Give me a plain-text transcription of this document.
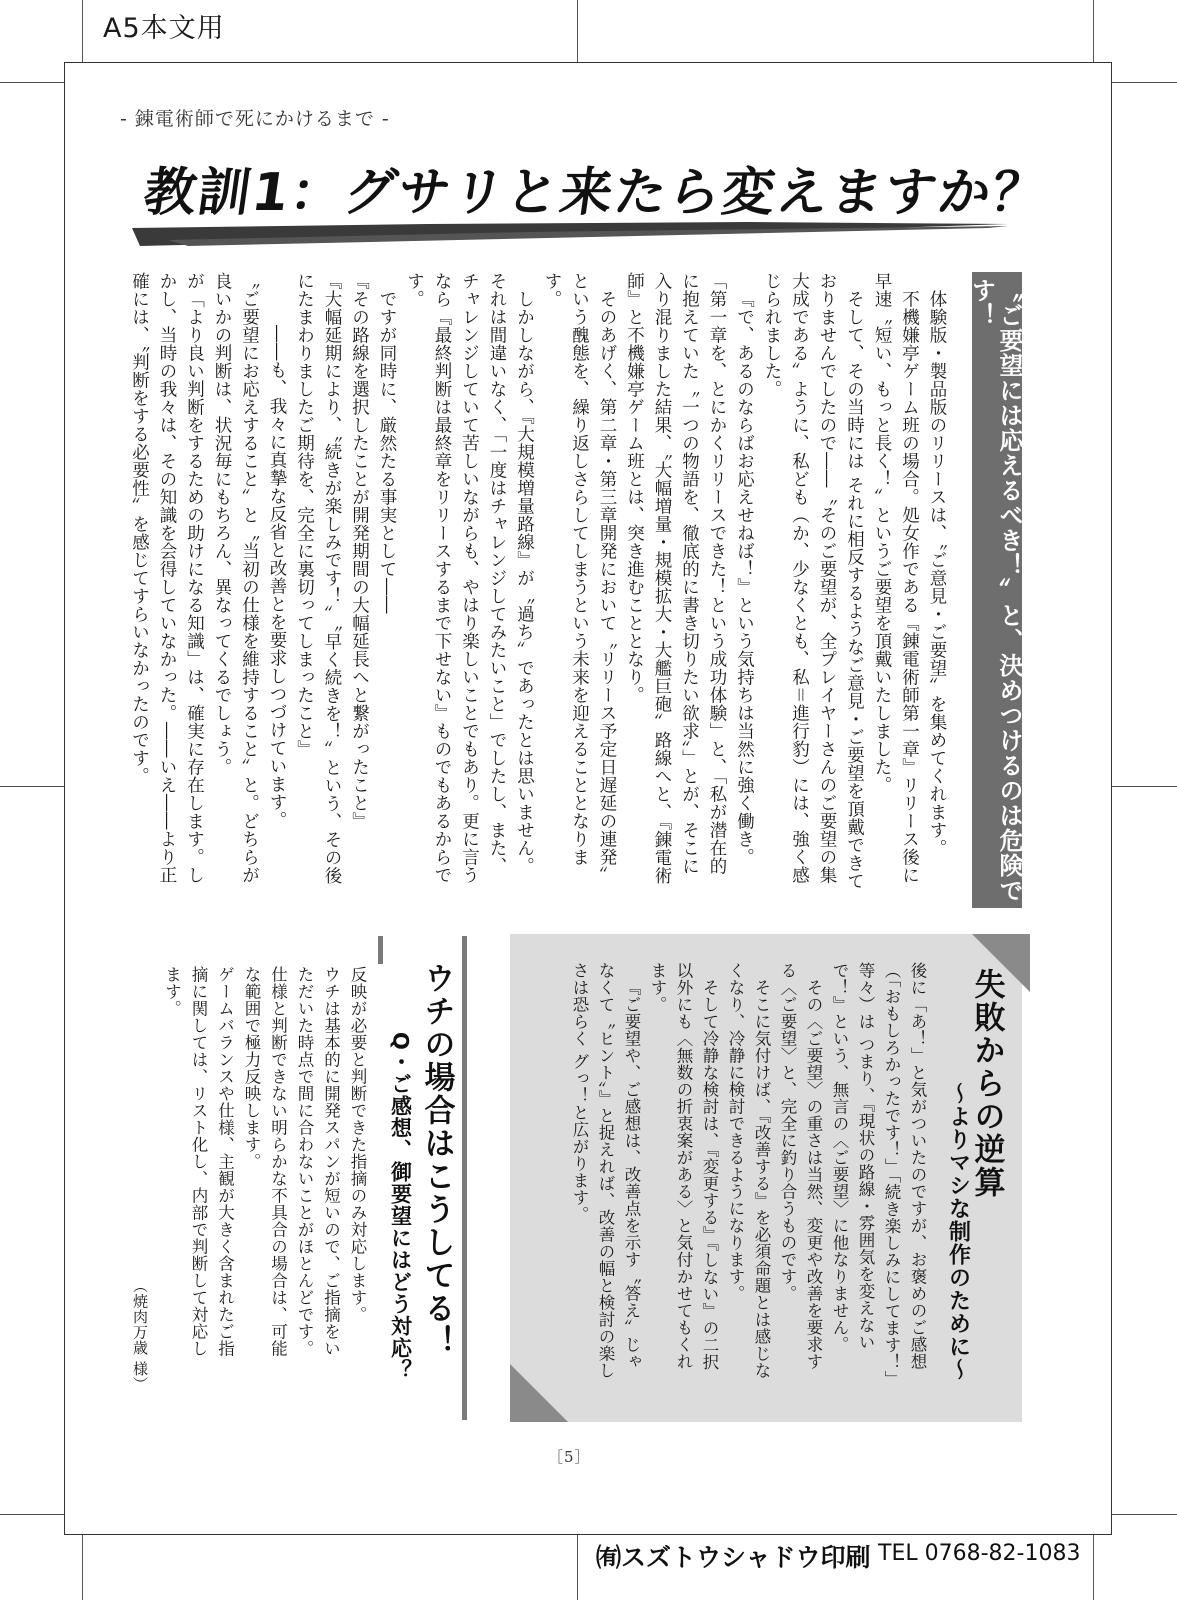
A5本文用
- 錬電術師で死にかけるまで -
教訓1：グサリと来たら変えますか？
〝ご要望には応えるべき！〟と、決めつけるのは危険です！

体験版・製品版のリリースは、〝ご意見・ご要望〟を集めてくれます。

不機嫌亭ゲーム班の場合。処女作である『錬電術師第一章』リリース後に早速〝短い、もっと長く！〟というご要望を頂戴いたしました。

そして、その当時には それに相反するようなご意見・ご要望を頂戴できておりませんでしたので――〝そのご要望が、全プレイヤーさんのご要望の集大成である〟ように、私ども（か、少なくとも、私＝進行豹）には、強く感じられました。

『で、あるのならばお応えせねば！』という気持ちは当然に強く働き。

「第一章を、とにかくリリースできた！という成功体験」と、「私が潜在的に抱えていた〝一つの物語を、徹底的に書き切りたい欲求〟」とが、そこに入り混りました結果、〝大幅増量・規模拡大・大艦巨砲〟路線へと、『錬電術師』と不機嫌亭ゲーム班とは、突き進むこととなり。

そのあげく、第二章・第三章開発において〝リリース予定日遅延の連発〟という醜態を、繰り返しさらしてしまうという未来を迎えることとなります。

しかしながら、『大規模増量路線』が〝過ち〟であったとは思いません。それは間違いなく、「一度はチャレンジしてみたいこと」でしたし、また、チャレンジしていて苦しいながらも、やはり楽しいことでもあり。更に言うなら『最終判断は最終章をリリースするまで下せない』ものでもあるからです。

ですが同時に、厳然たる事実として――

『その路線を選択したことが開発期間の大幅延長へと繋がったこと』

『大幅延期により、〝続きが楽しみです！〟〝早く続きを！〟という、その後にたまわりましたご期待を、完全に裏切ってしまったこと』

――も、我々に真摯な反省と改善とを要求しつづけています。

〝ご要望にお応えすること〟と〝当初の仕様を維持すること〟と。どちらが良いかの判断は、状況毎にもちろん、異なってくるでしょう。

が「より良い判断をするための助けになる知識」は、確実に存在します。しかし、当時の我々は、その知識を会得していなかった。――いえ――より正確には、〝判断をする必要性〟を感じてすらいなかったのです。

失敗からの逆算
〜よりマシな制作のために〜

後に「あ！」と気がついたのですが、お褒めのご感想（「おもしろかったです！」「続き楽しみにしてます！」等々）は つまり、『現状の路線・雰囲気を変えないで！』という、無言の〈ご要望〉に他なりません。

その〈ご要望〉の重さは当然、変更や改善を要求する〈ご要望〉と、完全に釣り合うものです。

そこに気付けば、『改善する』を必須命題とは感じなくなり、冷静に検討できるようになります。

そして冷静な検討は、『変更する』『しない』の二択以外にも〈無数の折衷案がある〉と気付かせてもくれます。

『ご要望や、ご感想は、改善点を示す〝答え〟じゃなくて〝ヒント〟』と捉えれば、改善の幅と検討の楽しさは恐らく グっ！と広がります。

ウチの場合はこうしてる！
Q・ご感想、御要望にはどう対応？

反映が必要と判断できた指摘のみ対応します。

ウチは基本的に開発スパンが短いので、ご指摘をいただいた時点で間に合わないことがほとんどです。

仕様と判断できない明らかな不具合の場合は、可能な範囲で極力反映します。

ゲームバランスや仕様、主観が大きく含まれたご指摘に関しては、リスト化し、内部で判断して対応します。

（焼肉万歳 様）
［5］
㈲スズトウシャドウ印刷 TEL 0768-82-1083
